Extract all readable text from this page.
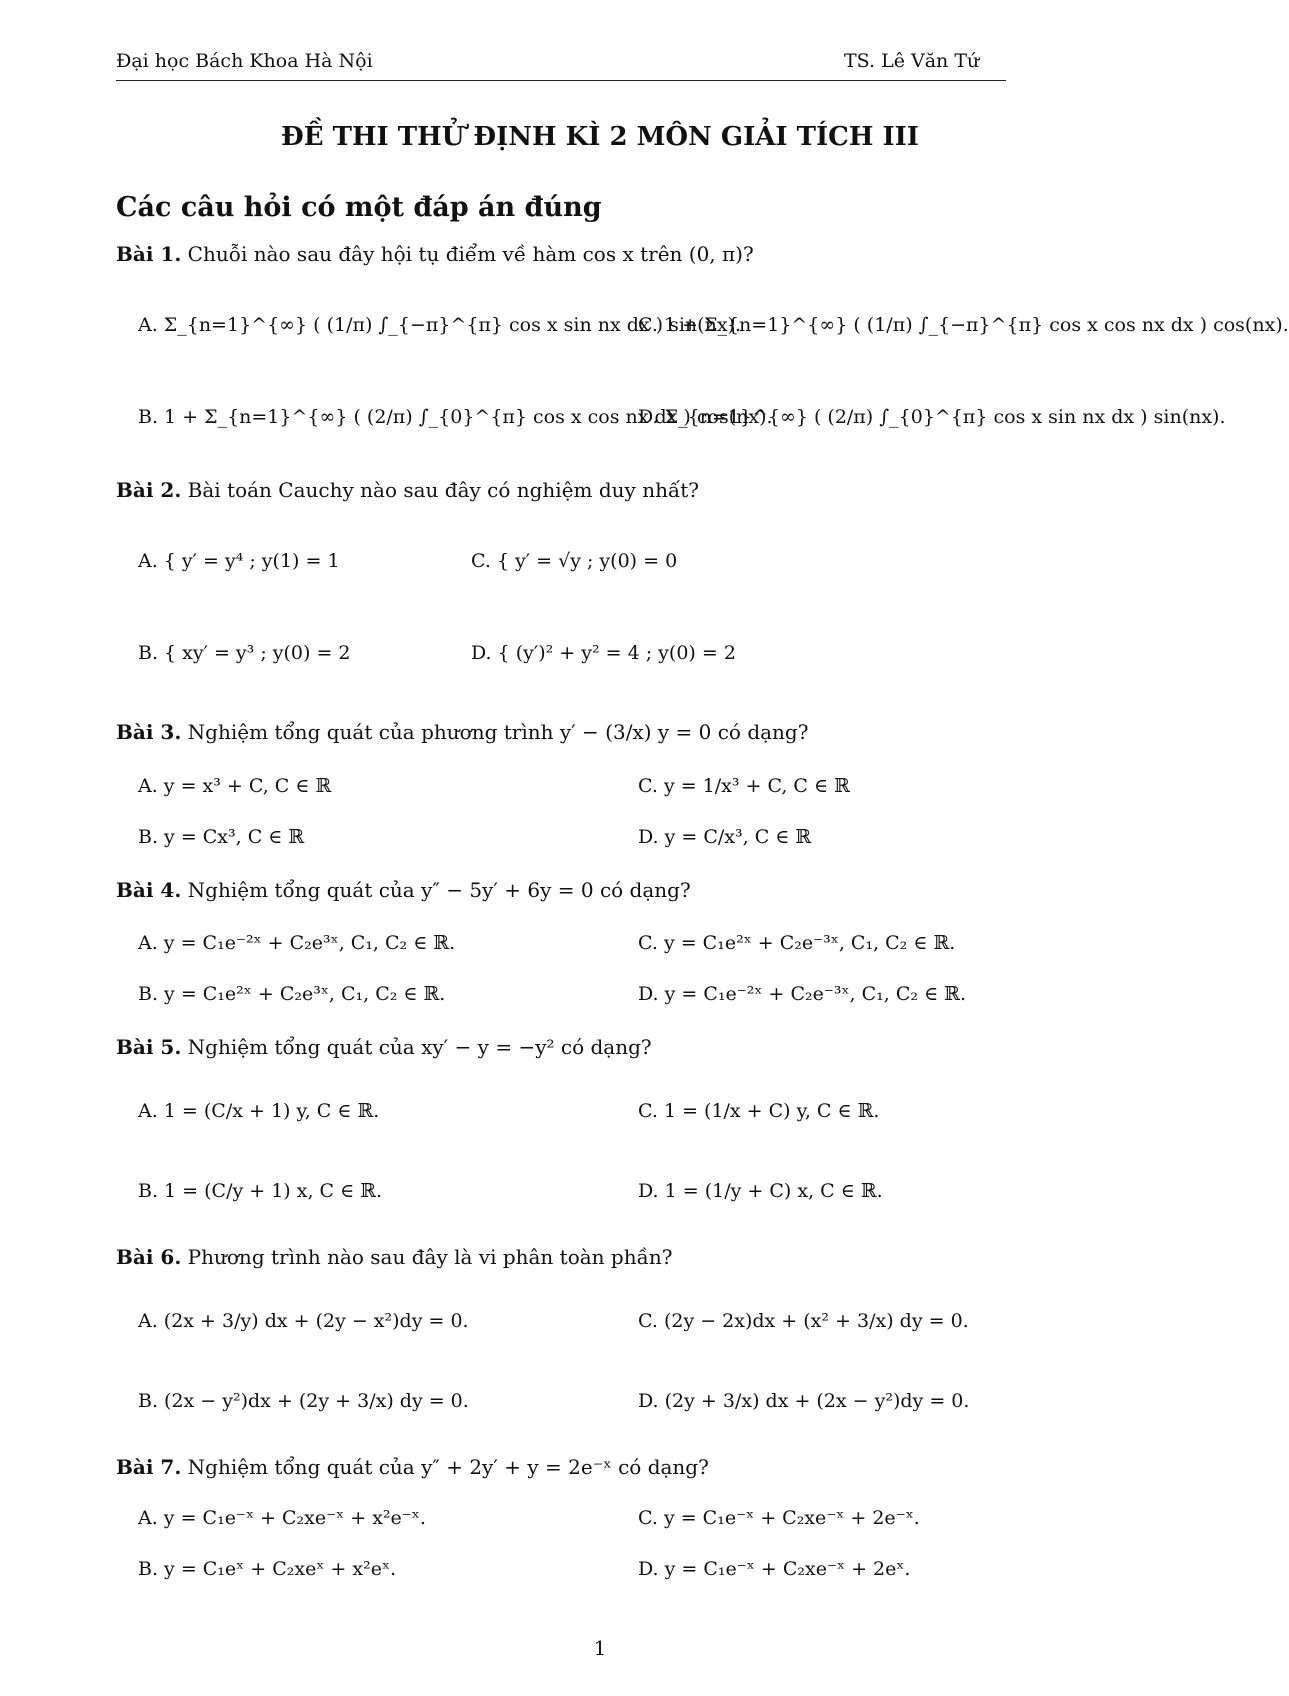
Đại học Bách Khoa Hà Nội	TS. Lê Văn Tứ
ĐỀ THI THỬ ĐỊNH KÌ 2 MÔN GIẢI TÍCH III
Các câu hỏi có một đáp án đúng
Bài 1. Chuỗi nào sau đây hội tụ điểm về hàm cos x trên (0, π)?
A. Σ_{n=1}^{∞} ( (1/π) ∫_{−π}^{π} cos x sin nx dx ) sin(nx).
C. 1 + Σ_{n=1}^{∞} ( (1/π) ∫_{−π}^{π} cos x cos nx dx ) cos(nx).
B. 1 + Σ_{n=1}^{∞} ( (2/π) ∫_{0}^{π} cos x cos nx dx ) cos(nx).
D. Σ_{n=1}^{∞} ( (2/π) ∫_{0}^{π} cos x sin nx dx ) sin(nx).
Bài 2. Bài toán Cauchy nào sau đây có nghiệm duy nhất?
A. { y′ = y⁴ ; y(1) = 1	C. { y′ = √y ; y(0) = 0
B. { xy′ = y³ ; y(0) = 2	D. { (y′)² + y² = 4 ; y(0) = 2
Bài 3. Nghiệm tổng quát của phương trình y′ − (3/x) y = 0 có dạng?
A. y = x³ + C, C ∈ ℝ	C. y = 1/x³ + C, C ∈ ℝ
B. y = Cx³, C ∈ ℝ	D. y = C/x³, C ∈ ℝ
Bài 4. Nghiệm tổng quát của y″ − 5y′ + 6y = 0 có dạng?
A. y = C₁e⁻²ˣ + C₂e³ˣ, C₁, C₂ ∈ ℝ.	C. y = C₁e²ˣ + C₂e⁻³ˣ, C₁, C₂ ∈ ℝ.
B. y = C₁e²ˣ + C₂e³ˣ, C₁, C₂ ∈ ℝ.	D. y = C₁e⁻²ˣ + C₂e⁻³ˣ, C₁, C₂ ∈ ℝ.
Bài 5. Nghiệm tổng quát của xy′ − y = −y² có dạng?
A. 1 = (C/x + 1) y, C ∈ ℝ.	C. 1 = (1/x + C) y, C ∈ ℝ.
B. 1 = (C/y + 1) x, C ∈ ℝ.	D. 1 = (1/y + C) x, C ∈ ℝ.
Bài 6. Phương trình nào sau đây là vi phân toàn phần?
A. (2x + 3/y) dx + (2y − x²)dy = 0.	C. (2y − 2x)dx + (x² + 3/x) dy = 0.
B. (2x − y²)dx + (2y + 3/x) dy = 0.	D. (2y + 3/x) dx + (2x − y²)dy = 0.
Bài 7. Nghiệm tổng quát của y″ + 2y′ + y = 2e⁻ˣ có dạng?
A. y = C₁e⁻ˣ + C₂xe⁻ˣ + x²e⁻ˣ.	C. y = C₁e⁻ˣ + C₂xe⁻ˣ + 2e⁻ˣ.
B. y = C₁eˣ + C₂xeˣ + x²eˣ.	D. y = C₁e⁻ˣ + C₂xe⁻ˣ + 2eˣ.
1
